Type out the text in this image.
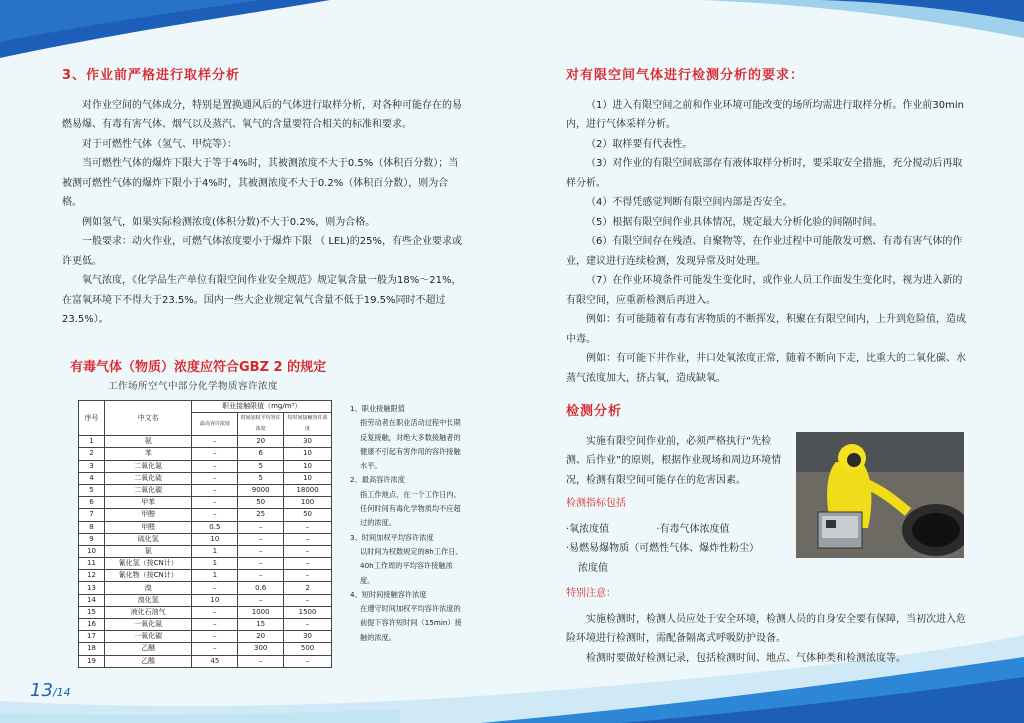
3、作业前严格进行取样分析

对作业空间的气体成分，特别是置换通风后的气体进行取样分析，对各种可能存在的易燃易爆、有毒有害气体、烟气以及蒸汽、氧气的含量要符合相关的标准和要求。

对于可燃性气体（氢气、甲烷等）：

当可燃性气体的爆炸下限大于等于4%时，其被测浓度不大于0.5%（体积百分数）；当被测可燃性气体的爆炸下限小于4%时，其被测浓度不大于0.2%（体积百分数），则为合格。

例如氢气，如果实际检测浓度(体积分数)不大于0.2%，则为合格。

一般要求：动火作业，可燃气体浓度要小于爆炸下限 （ LEL)的25%，有些企业要求或许更低。

氧气浓度，《化学品生产单位有限空间作业安全规范》规定氧含量一般为18%～21%，在富氧环境下不得大于23.5%。国内一些大企业规定氧气含量不低于19.5%同时不超过23.5%）。

有毒气体（物质）浓度应符合GBZ 2 的规定
工作场所空气中部分化学物质容许浓度
序号	中文名	职业接触限值（mg/m³）		
		最高容许浓度	时间加权平均容许浓度	短时间接触容许浓度
1	氨	–	20	30
2	苯	–	6	10
3	二氧化氮	–	5	10
4	二氧化硫	–	5	10
5	二氧化碳	–	9000	18000
6	甲苯	–	50	100
7	甲醇	–	25	50
8	甲醛	0.5	–	–
9	硫化氢	10	–	–
10	氯	1	–	–
11	氰化氢（按CN计）	1	–	–
12	氰化物（按CN计）	1	–	–
13	溴	–	0.6	2
14	溴化氢	10	–	–
15	液化石油气	–	1000	1500
16	一氧化氮	–	15	–
17	一氧化碳	–	20	30
18	乙醚	–	300	500
19	乙酸	45	–	–
1、职业接触限值
指劳动者在职业活动过程中长期反复接触，对绝大多数接触者的健康不引起有害作用的容许接触水平。
2、最高容许浓度
指工作地点、在一个工作日内、任何时间有毒化学物质均不应超过的浓度。
3、时间加权平均容许浓度
以时间为权数规定的8h工作日、40h工作周的平均容许接触浓度。
4、短时间接触容许浓度
在遵守时间加权平均容许浓度的前提下容许短时间（15min）接触的浓度。
对有限空间气体进行检测分析的要求：

（1）进入有限空间之前和作业环境可能改变的场所均需进行取样分析。作业前30min内，进行气体采样分析。

（2）取样要有代表性。

（3）对作业的有限空间底部存有液体取样分析时，要采取安全措施，充分搅动后再取样分析。

（4）不得凭感觉判断有限空间内部是否安全。

（5）根据有限空间作业具体情况，规定最大分析化验的间隔时间。

（6）有限空间存在残渣、自聚物等，在作业过程中可能散发可燃、有毒有害气体的作业，建议进行连续检测，发现异常及时处理。

（7）在作业环境条件可能发生变化时，或作业人员工作面发生变化时，视为进入新的有限空间，应重新检测后再进入。

例如：有可能随着有毒有害物质的不断挥发，积聚在有限空间内，上升到危险值，造成中毒。

例如：有可能下井作业，井口处氧浓度正常，随着不断向下走，比重大的二氧化碳、水蒸气浓度加大，挤占氧，造成缺氧。

检测分析

实施有限空间作业前，必须严格执行“先检测、后作业”的原则，根据作业现场和周边环境情况，检测有限空间可能存在的危害因素。

检测指标包括
·氧浓度值	·有毒气体浓度值
·易燃易爆物质（可燃性气体、爆炸性粉尘）
浓度值
特别注意：

实施检测时，检测人员应处于安全环境，检测人员的自身安全要有保障，当初次进入危险环境进行检测时，需配备隔离式呼吸防护设备。

检测时要做好检测记录，包括检测时间、地点、气体种类和检测浓度等。

13/14
